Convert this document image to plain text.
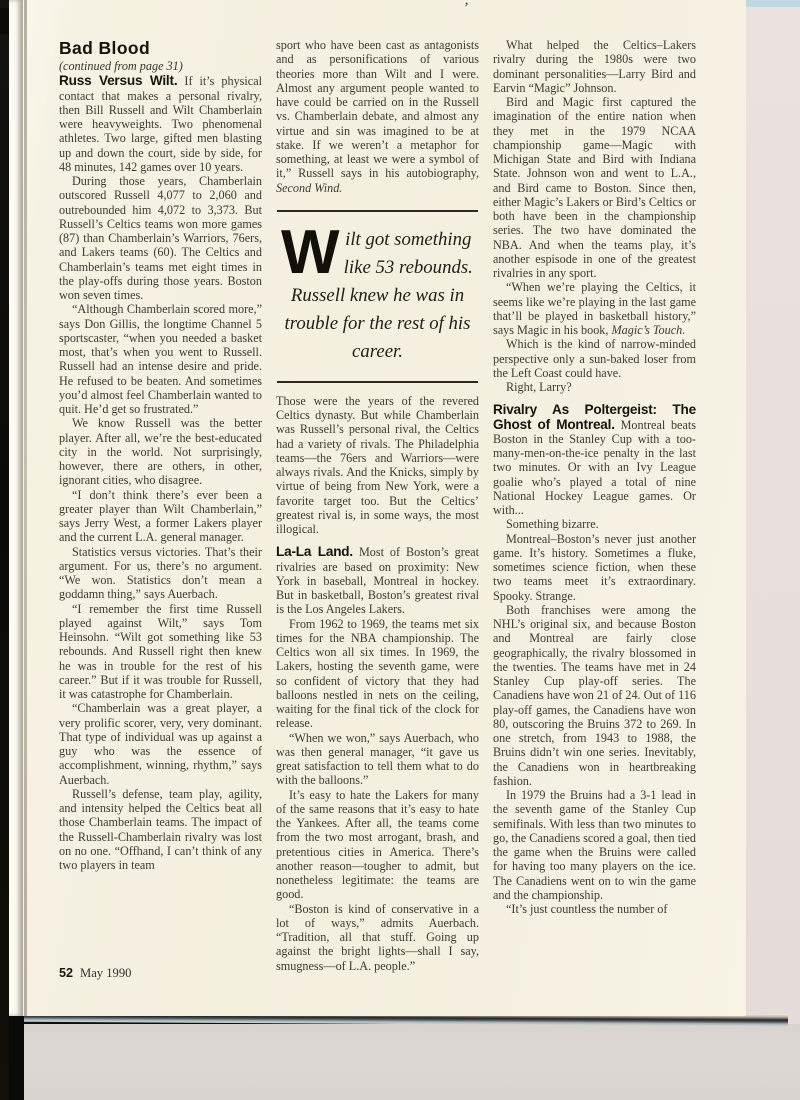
’
Bad Blood
(continued from page 31)

Russ Versus Wilt. If it’s physical contact that makes a personal rivalry, then Bill Russell and Wilt Chamberlain were heavyweights. Two phenomenal athletes. Two large, gifted men blasting up and down the court, side by side, for 48 minutes, 142 games over 10 years.

During those years, Chamberlain outscored Russell 4,077 to 2,060 and outrebounded him 4,072 to 3,373. But Russell’s Celtics teams won more games (87) than Chamberlain’s Warriors, 76ers, and Lakers teams (60). The Celtics and Chamberlain’s teams met eight times in the play-offs during those years. Boston won seven times.

“Although Chamberlain scored more,” says Don Gillis, the longtime Channel 5 sportscaster, “when you needed a basket most, that’s when you went to Russell. Russell had an intense desire and pride. He refused to be beaten. And sometimes you’d almost feel Chamberlain wanted to quit. He’d get so frustrated.”

We know Russell was the better player. After all, we’re the best-educated city in the world. Not surprisingly, however, there are others, in other, ignorant cities, who disagree.

“I don’t think there’s ever been a greater player than Wilt Chamberlain,” says Jerry West, a former Lakers player and the current L.A. general manager.

Statistics versus victories. That’s their argument. For us, there’s no argument. “We won. Statistics don’t mean a goddamn thing,” says Auerbach.

“I remember the first time Russell played against Wilt,” says Tom Heinsohn. “Wilt got something like 53 rebounds. And Russell right then knew he was in trouble for the rest of his career.” But if it was trouble for Russell, it was catastrophe for Chamberlain.

“Chamberlain was a great player, a very prolific scorer, very, very dominant. That type of individual was up against a guy who was the essence of accomplishment, winning, rhythm,” says Auerbach.

Russell’s defense, team play, agility, and intensity helped the Celtics beat all those Chamberlain teams. The impact of the Russell-Chamberlain rivalry was lost on no one. “Offhand, I can’t think of any two players in team

sport who have been cast as antagonists and as personifications of various theories more than Wilt and I were. Almost any argument people wanted to have could be carried on in the Russell vs. Chamberlain debate, and almost any virtue and sin was imagined to be at stake. If we weren’t a metaphor for something, at least we were a symbol of it,” Russell says in his autobiography, Second Wind.

Wilt got something like 53 rebounds. Russell knew he was in trouble for the rest of his career.

Those were the years of the revered Celtics dynasty. But while Chamberlain was Russell’s personal rival, the Celtics had a variety of rivals. The Philadelphia teams—the 76ers and Warriors—were always rivals. And the Knicks, simply by virtue of being from New York, were a favorite target too. But the Celtics’ greatest rival is, in some ways, the most illogical.

La-La Land. Most of Boston’s great rivalries are based on proximity: New York in baseball, Montreal in hockey. But in basketball, Boston’s greatest rival is the Los Angeles Lakers.

From 1962 to 1969, the teams met six times for the NBA championship. The Celtics won all six times. In 1969, the Lakers, hosting the seventh game, were so confident of victory that they had balloons nestled in nets on the ceiling, waiting for the final tick of the clock for release.

“When we won,” says Auerbach, who was then general manager, “it gave us great satisfaction to tell them what to do with the balloons.”

It’s easy to hate the Lakers for many of the same reasons that it’s easy to hate the Yankees. After all, the teams come from the two most arrogant, brash, and pretentious cities in America. There’s another reason—tougher to admit, but nonetheless legitimate: the teams are good.

“Boston is kind of conservative in a lot of ways,” admits Auerbach. “Tradition, all that stuff. Going up against the bright lights—shall I say, smugness—of L.A. people.”

What helped the Celtics–Lakers rivalry during the 1980s were two dominant personalities—Larry Bird and Earvin “Magic” Johnson.

Bird and Magic first captured the imagination of the entire nation when they met in the 1979 NCAA championship game—Magic with Michigan State and Bird with Indiana State. Johnson won and went to L.A., and Bird came to Boston. Since then, either Magic’s Lakers or Bird’s Celtics or both have been in the championship series. The two have dominated the NBA. And when the teams play, it’s another espisode in one of the greatest rivalries in any sport.

“When we’re playing the Celtics, it seems like we’re playing in the last game that’ll be played in basketball history,” says Magic in his book, Magic’s Touch.

Which is the kind of narrow-minded perspective only a sun-baked loser from the Left Coast could have.

Right, Larry?

Rivalry As Poltergeist: The Ghost of Montreal. Montreal beats Boston in the Stanley Cup with a too-many-men-on-the-ice penalty in the last two minutes. Or with an Ivy League goalie who’s played a total of nine National Hockey League games. Or with...

Something bizarre.

Montreal–Boston’s never just another game. It’s history. Sometimes a fluke, sometimes science fiction, when these two teams meet it’s extraordinary. Spooky. Strange.

Both franchises were among the NHL’s original six, and because Boston and Montreal are fairly close geographically, the rivalry blossomed in the twenties. The teams have met in 24 Stanley Cup play-off series. The Canadiens have won 21 of 24. Out of 116 play-off games, the Canadiens have won 80, outscoring the Bruins 372 to 269. In one stretch, from 1943 to 1988, the Bruins didn’t win one series. Inevitably, the Canadiens won in heartbreaking fashion.

In 1979 the Bruins had a 3-1 lead in the seventh game of the Stanley Cup semifinals. With less than two minutes to go, the Canadiens scored a goal, then tied the game when the Bruins were called for having too many players on the ice. The Canadiens went on to win the game and the championship.

“It’s just countless the number of

52 May 1990
